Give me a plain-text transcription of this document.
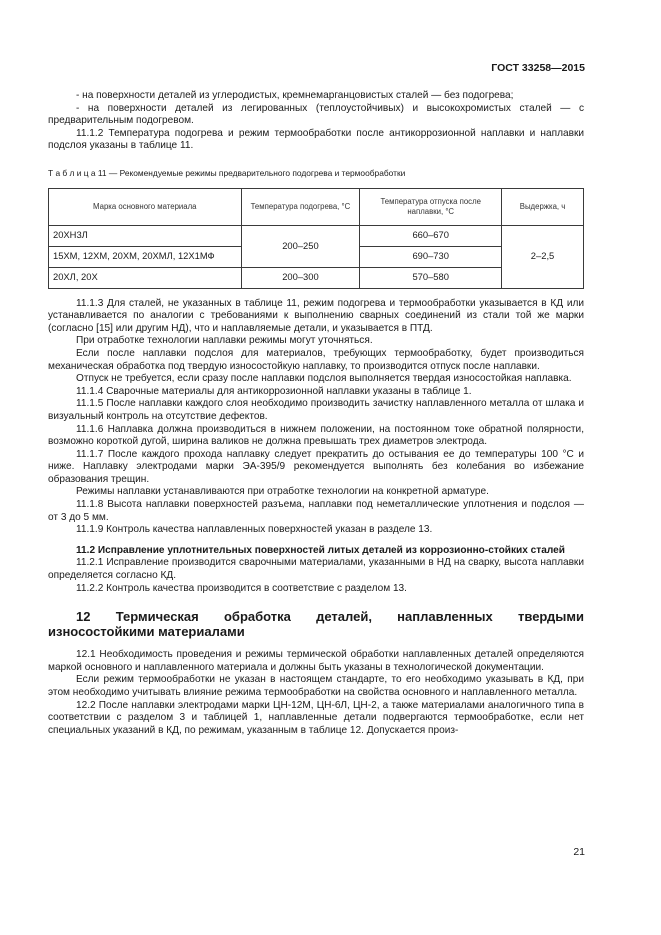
ГОСТ 33258—2015

- на поверхности деталей из углеродистых, кремнемарганцовистых сталей — без подогрева;

- на поверхности деталей из легированных (теплоустойчивых) и высокохромистых сталей — с предварительным подогревом.

11.1.2 Температура подогрева и режим термообработки после антикоррозионной наплавки и наплавки подслоя указаны в таблице 11.

Т а б л и ц а 11 — Рекомендуемые режимы предварительного подогрева и термообработки

Марка основного материала	Температура подогрева, °С	Температура отпуска после наплавки, °С	Выдержка, ч
20ХН3Л	200–250	660–670	2–2,5
15ХМ, 12ХМ, 20ХМ, 20ХМЛ, 12Х1МФ		690–730	
20ХЛ, 20Х	200–300	570–580	

11.1.3 Для сталей, не указанных в таблице 11, режим подогрева и термообработки указывается в КД или устанавливается по аналогии с требованиями к выполнению сварных соединений из стали той же марки (согласно [15] или другим НД), что и наплавляемые детали, и указывается в ПТД.

При отработке технологии наплавки режимы могут уточняться.

Если после наплавки подслоя для материалов, требующих термообработку, будет производиться механическая обработка под твердую износостойкую наплавку, то производится отпуск после наплавки.

Отпуск не требуется, если сразу после наплавки подслоя выполняется твердая износостойкая наплавка.

11.1.4 Сварочные материалы для антикоррозионной наплавки указаны в таблице 1.

11.1.5 После наплавки каждого слоя необходимо производить зачистку наплавленного металла от шлака и визуальный контроль на отсутствие дефектов.

11.1.6 Наплавка должна производиться в нижнем положении, на постоянном токе обратной полярности, возможно короткой дугой, ширина валиков не должна превышать трех диаметров электрода.

11.1.7 После каждого прохода наплавку следует прекратить до остывания ее до температуры 100 °С и ниже. Наплавку электродами марки ЭА-395/9 рекомендуется выполнять без колебания во избежание образования трещин.

Режимы наплавки устанавливаются при отработке технологии на конкретной арматуре.

11.1.8 Высота наплавки поверхностей разъема, наплавки под неметаллические уплотнения и подслоя — от 3 до 5 мм.

11.1.9 Контроль качества наплавленных поверхностей указан в разделе 13.

11.2 Исправление уплотнительных поверхностей литых деталей из коррозионно-стойких сталей

11.2.1 Исправление производится сварочными материалами, указанными в НД на сварку, высота наплавки определяется согласно КД.

11.2.2 Контроль качества производится в соответствие с разделом 13.

12 Термическая обработка деталей, наплавленных твердыми износостойкими материалами

12.1 Необходимость проведения и режимы термической обработки наплавленных деталей определяются маркой основного и наплавленного материала и должны быть указаны в технологической документации.

Если режим термообработки не указан в настоящем стандарте, то его необходимо указывать в КД, при этом необходимо учитывать влияние режима термообработки на свойства основного и наплавленного металла.

12.2 После наплавки электродами марки ЦН-12М, ЦН-6Л, ЦН-2, а также материалами аналогичного типа в соответствии с разделом 3 и таблицей 1, наплавленные детали подвергаются термообработке, если нет специальных указаний в КД, по режимам, указанным в таблице 12. Допускается произ-

21
